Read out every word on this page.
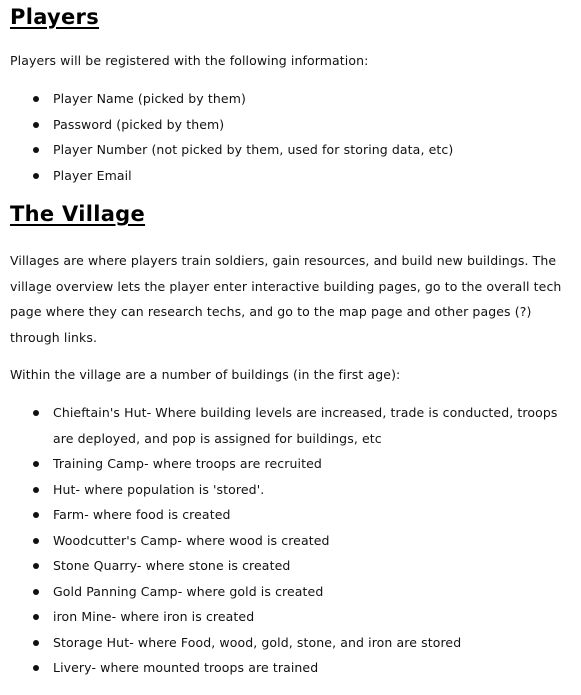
Players

Players will be registered with the following information:

Player Name (picked by them)
Password (picked by them)
Player Number (not picked by them, used for storing data, etc)
Player Email
The Village

Villages are where players train soldiers, gain resources, and build new buildings. The village overview lets the player enter interactive building pages, go to the overall tech page where they can research techs, and go to the map page and other pages (?) through links.

Within the village are a number of buildings (in the first age):

Chieftain's Hut- Where building levels are increased, trade is conducted, troops are deployed, and pop is assigned for buildings, etc
Training Camp- where troops are recruited
Hut- where population is 'stored'.
Farm- where food is created
Woodcutter's Camp- where wood is created
Stone Quarry- where stone is created
Gold Panning Camp- where gold is created
iron Mine- where iron is created
Storage Hut- where Food, wood, gold, stone, and iron are stored
Livery- where mounted troops are trained
